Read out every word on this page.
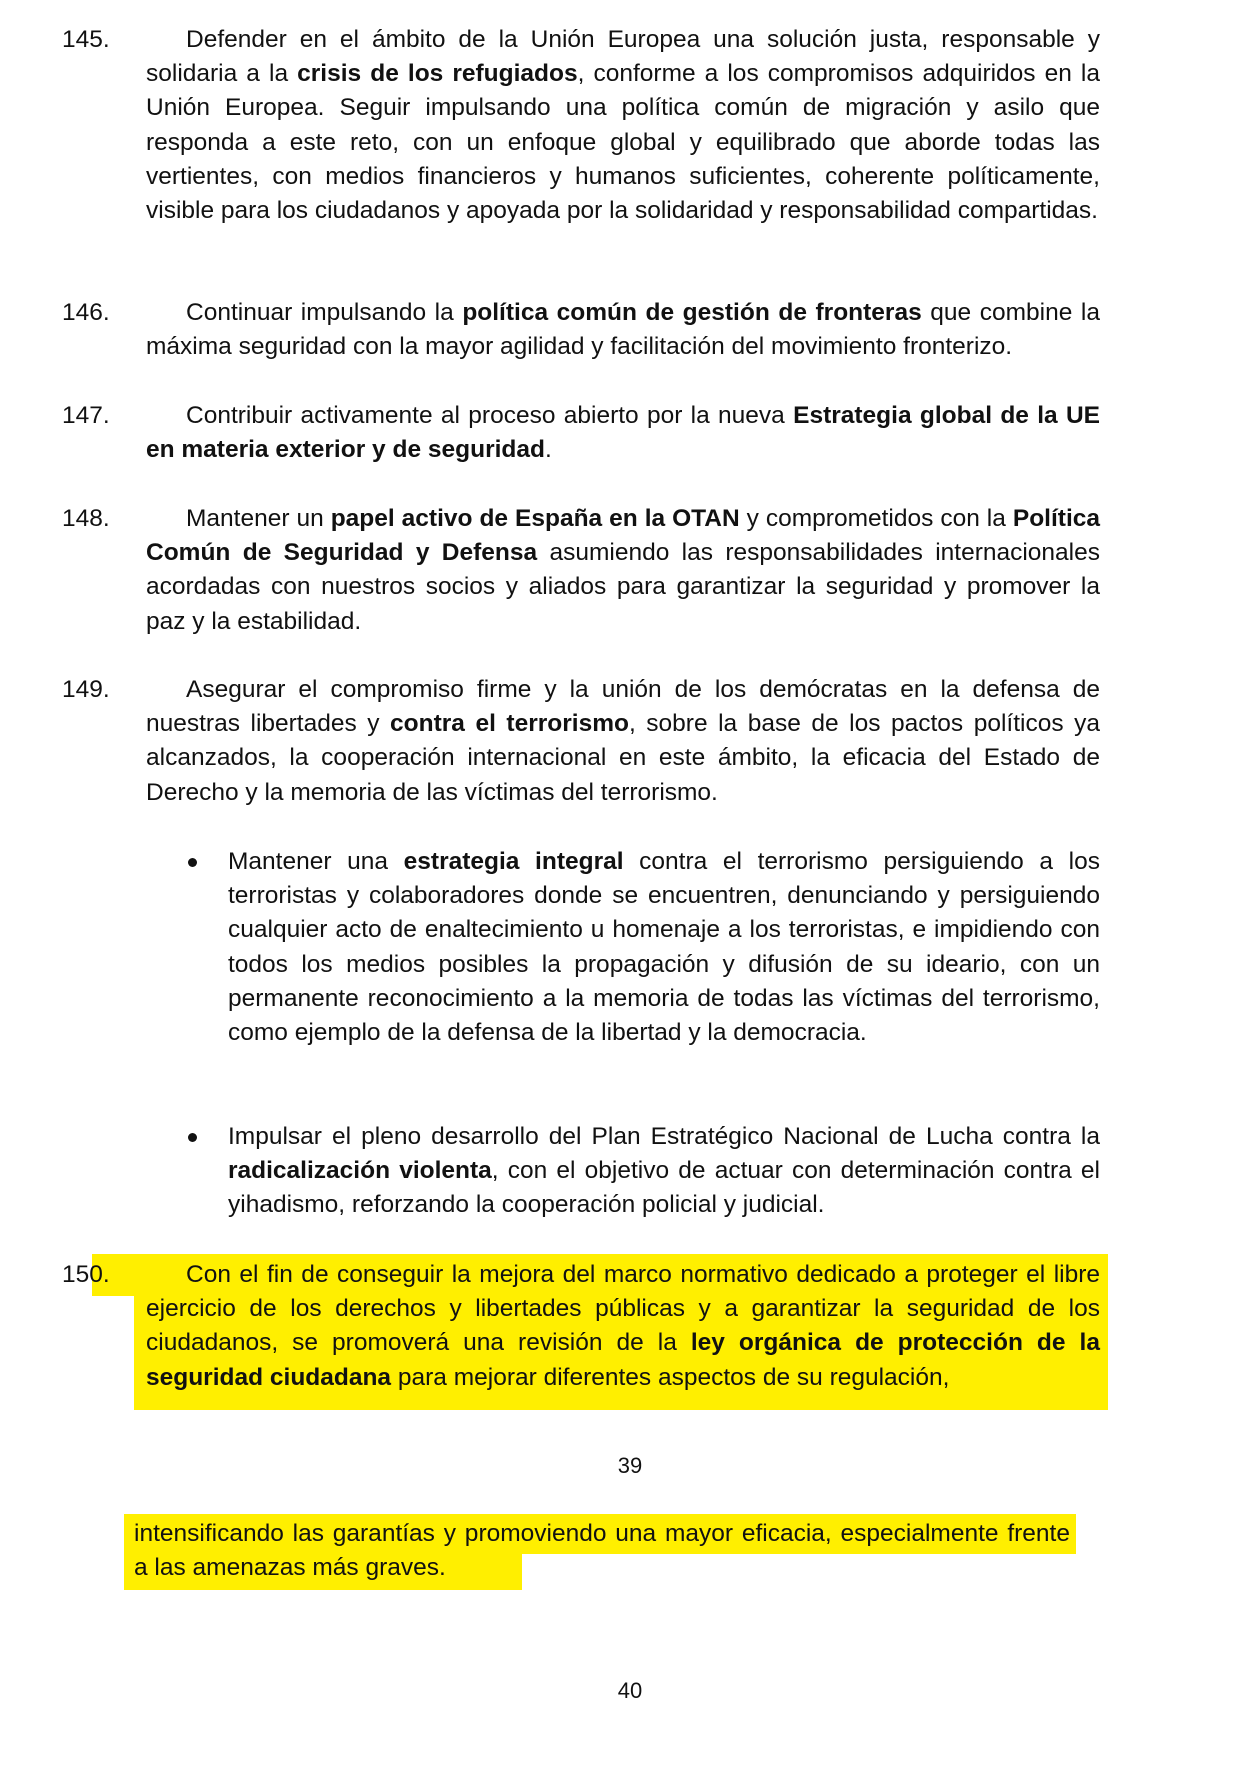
145.	Defender en el ámbito de la Unión Europea una solución justa, responsable y solidaria a la crisis de los refugiados, conforme a los compromisos adquiridos en la Unión Europea. Seguir impulsando una política común de migración y asilo que responda a este reto, con un enfoque global y equilibrado que aborde todas las vertientes, con medios financieros y humanos suficientes, coherente políticamente, visible para los ciudadanos y apoyada por la solidaridad y responsabilidad compartidas.
146.	Continuar impulsando la política común de gestión de fronteras que combine la máxima seguridad con la mayor agilidad y facilitación del movimiento fronterizo.
147.	Contribuir activamente al proceso abierto por la nueva Estrategia global de la UE en materia exterior y de seguridad.
148.	Mantener un papel activo de España en la OTAN y comprometidos con la Política Común de Seguridad y Defensa asumiendo las responsabilidades internacionales acordadas con nuestros socios y aliados para garantizar la seguridad y promover la paz y la estabilidad.
149.	Asegurar el compromiso firme y la unión de los demócratas en la defensa de nuestras libertades y contra el terrorismo, sobre la base de los pactos políticos ya alcanzados, la cooperación internacional en este ámbito, la eficacia del Estado de Derecho y la memoria de las víctimas del terrorismo.
Mantener una estrategia integral contra el terrorismo persiguiendo a los terroristas y colaboradores donde se encuentren, denunciando y persiguiendo cualquier acto de enaltecimiento u homenaje a los terroristas, e impidiendo con todos los medios posibles la propagación y difusión de su ideario, con un permanente reconocimiento a la memoria de todas las víctimas del terrorismo, como ejemplo de la defensa de la libertad y la democracia.
Impulsar el pleno desarrollo del Plan Estratégico Nacional de Lucha contra la radicalización violenta, con el objetivo de actuar con determinación contra el yihadismo, reforzando la cooperación policial y judicial.
150.	Con el fin de conseguir la mejora del marco normativo dedicado a proteger el libre ejercicio de los derechos y libertades públicas y a garantizar la seguridad de los ciudadanos, se promoverá una revisión de la ley orgánica de protección de la seguridad ciudadana para mejorar diferentes aspectos de su regulación,
39
intensificando las garantías y promoviendo una mayor eficacia, especialmente frente a las amenazas más graves.
40
